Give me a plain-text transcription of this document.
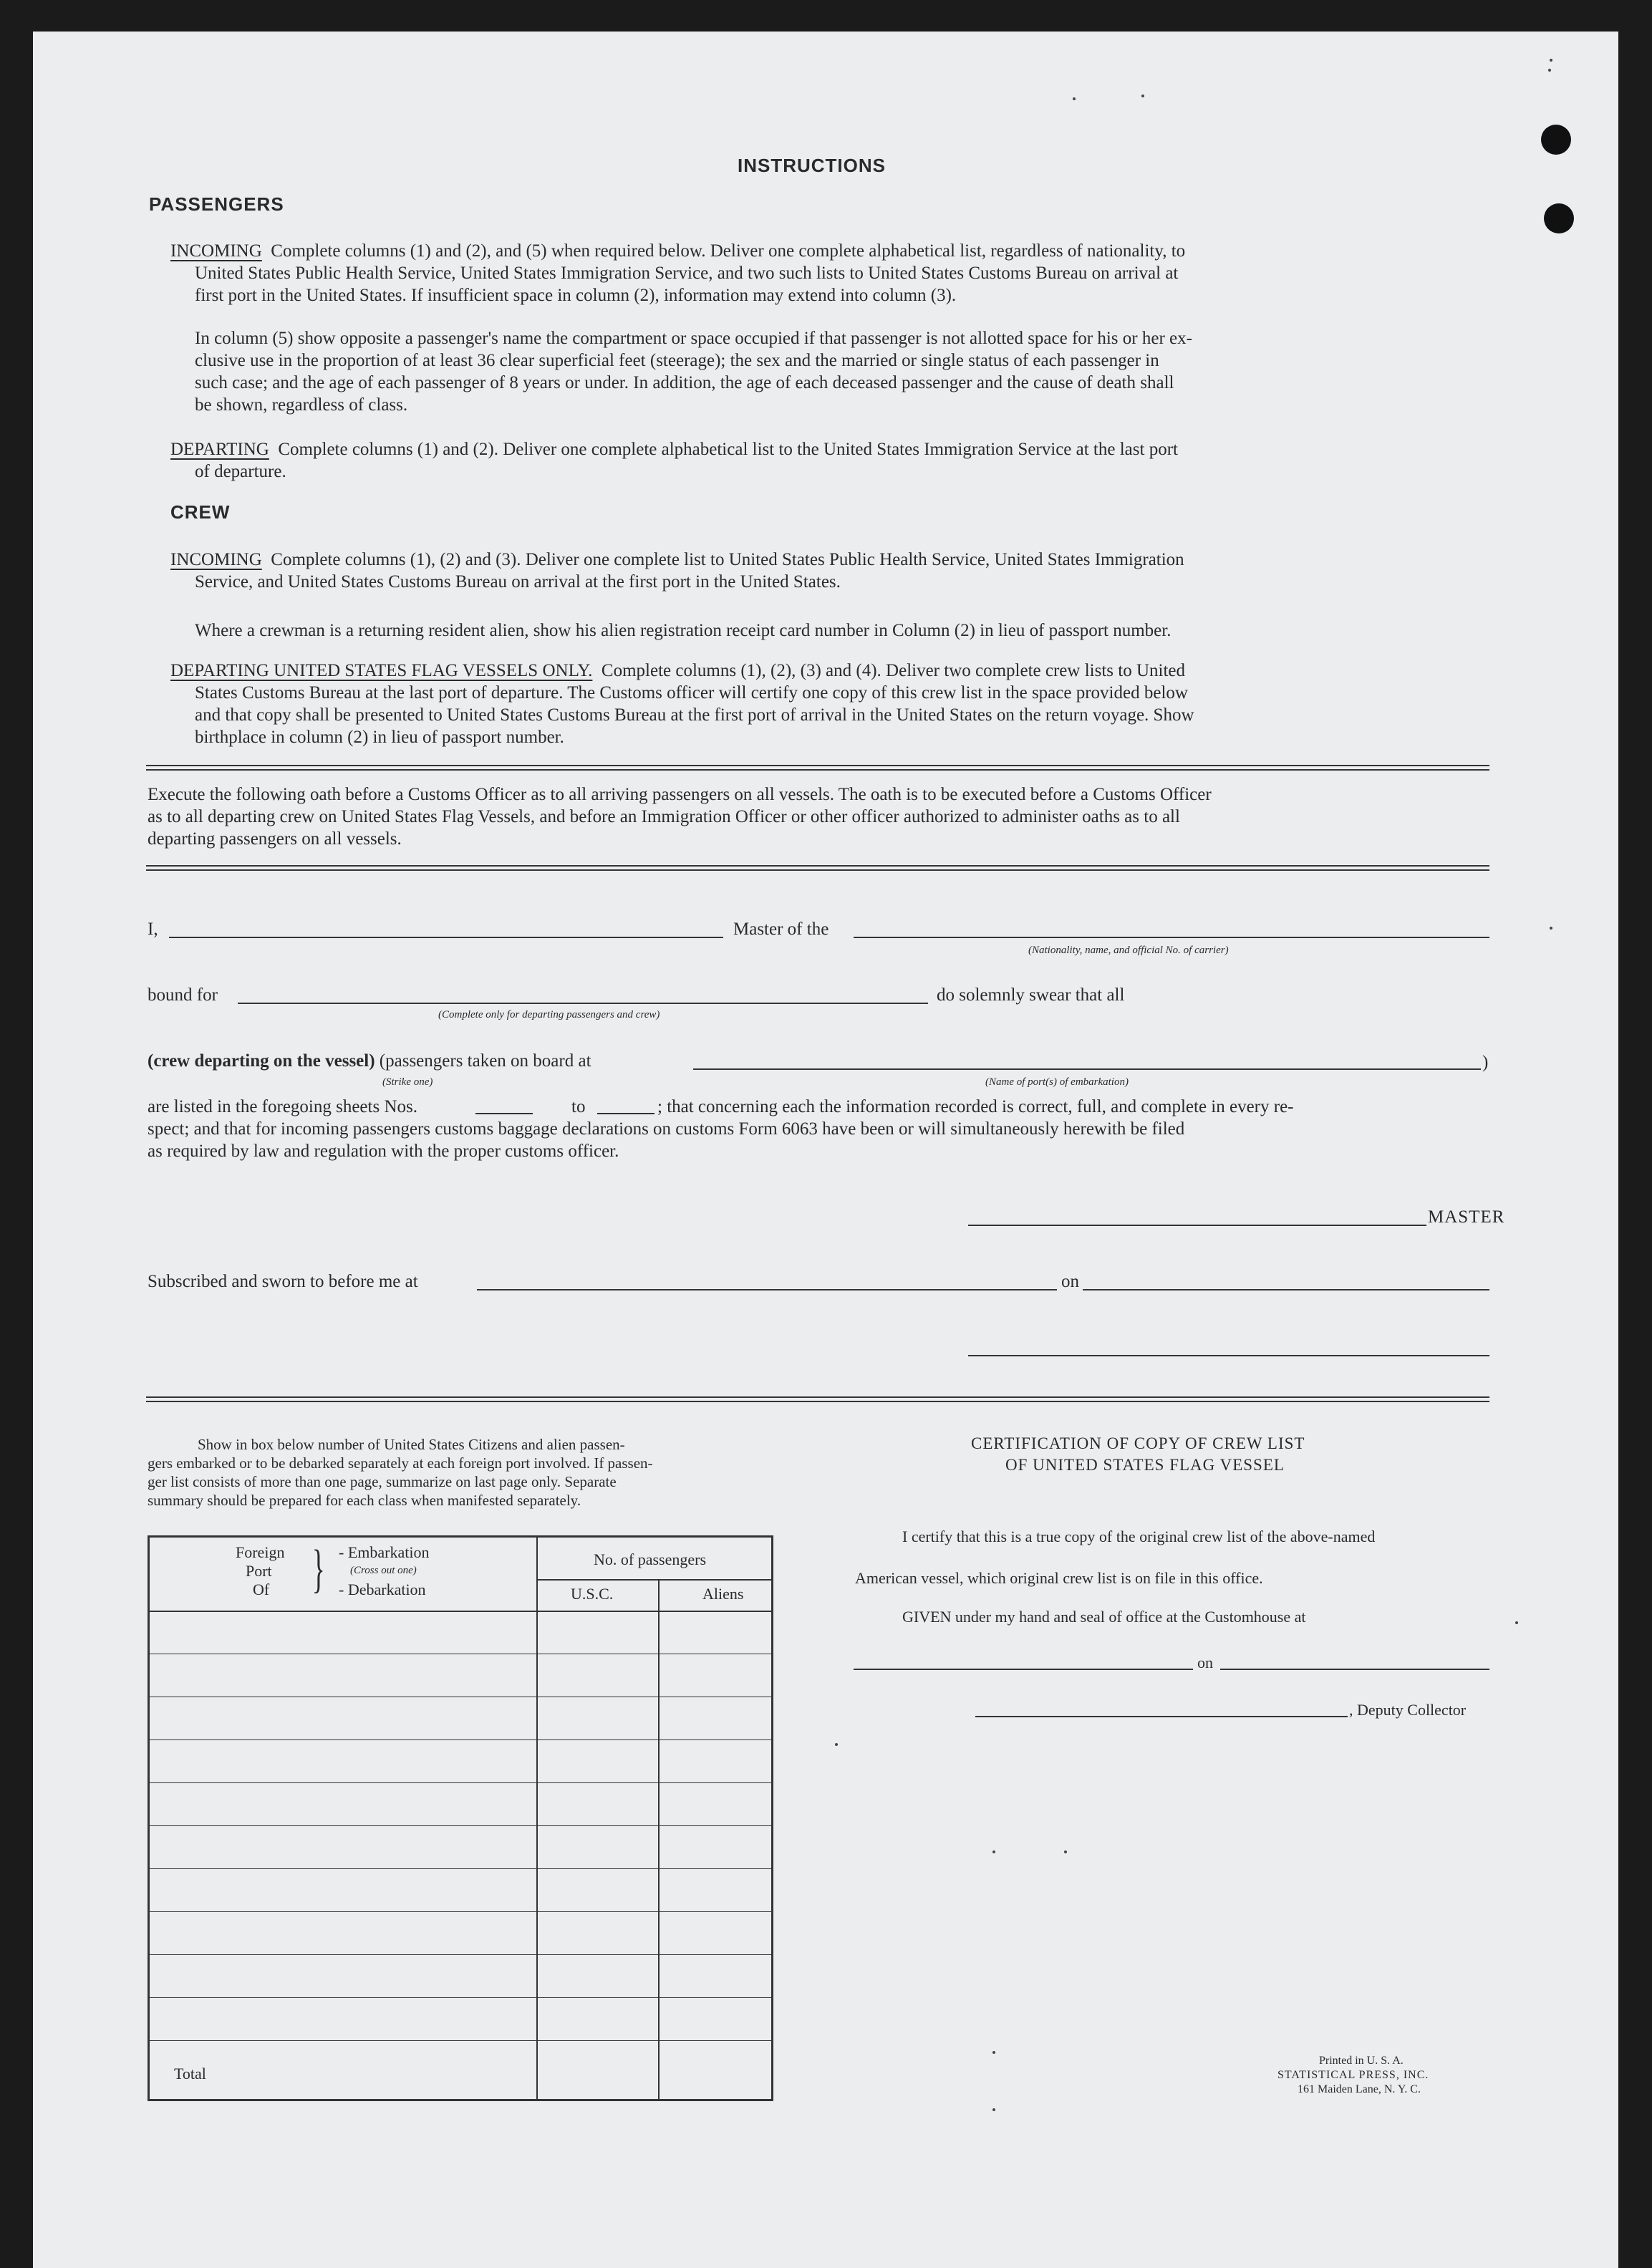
INSTRUCTIONS
PASSENGERS
INCOMING Complete columns (1) and (2), and (5) when required below. Deliver one complete alphabetical list, regardless of nationality, to
United States Public Health Service, United States Immigration Service, and two such lists to United States Customs Bureau on arrival at
first port in the United States. If insufficient space in column (2), information may extend into column (3).
In column (5) show opposite a passenger's name the compartment or space occupied if that passenger is not allotted space for his or her ex-
clusive use in the proportion of at least 36 clear superficial feet (steerage); the sex and the married or single status of each passenger in
such case; and the age of each passenger of 8 years or under. In addition, the age of each deceased passenger and the cause of death shall
be shown, regardless of class.
DEPARTING Complete columns (1) and (2). Deliver one complete alphabetical list to the United States Immigration Service at the last port
of departure.
CREW
INCOMING Complete columns (1), (2) and (3). Deliver one complete list to United States Public Health Service, United States Immigration
Service, and United States Customs Bureau on arrival at the first port in the United States.
Where a crewman is a returning resident alien, show his alien registration receipt card number in Column (2) in lieu of passport number.
DEPARTING UNITED STATES FLAG VESSELS ONLY. Complete columns (1), (2), (3) and (4). Deliver two complete crew lists to United
States Customs Bureau at the last port of departure. The Customs officer will certify one copy of this crew list in the space provided below
and that copy shall be presented to United States Customs Bureau at the first port of arrival in the United States on the return voyage. Show
birthplace in column (2) in lieu of passport number.
Execute the following oath before a Customs Officer as to all arriving passengers on all vessels. The oath is to be executed before a Customs Officer
as to all departing crew on United States Flag Vessels, and before an Immigration Officer or other officer authorized to administer oaths as to all
departing passengers on all vessels.
I,	Master of the
(Nationality, name, and official No. of carrier)
bound for
(Complete only for departing passengers and crew)
do solemnly swear that all
(crew departing on the vessel) (passengers taken on board at
(Strike one)
)
(Name of port(s) of embarkation)
are listed in the foregoing sheets Nos.	to	; that concerning each the information recorded is correct, full, and complete in every re-
spect; and that for incoming passengers customs baggage declarations on customs Form 6063 have been or will simultaneously herewith be filed
as required by law and regulation with the proper customs officer.
MASTER
Subscribed and sworn to before me at	on
Show in box below number of United States Citizens and alien passen-
gers embarked or to be debarked separately at each foreign port involved. If passen-
ger list consists of more than one page, summarize on last page only. Separate
summary should be prepared for each class when manifested separately.
Foreign
Port
Of } - Embarkation
(Cross out one)
- Debarkation
No. of passengers
U.S.C.	Aliens
Total
CERTIFICATION OF COPY OF CREW LIST
OF UNITED STATES FLAG VESSEL
I certify that this is a true copy of the original crew list of the above-named
American vessel, which original crew list is on file in this office.
GIVEN under my hand and seal of office at the Customhouse at
on
, Deputy Collector
Printed in U. S. A.
STATISTICAL PRESS, INC.
161 Maiden Lane, N. Y. C.
